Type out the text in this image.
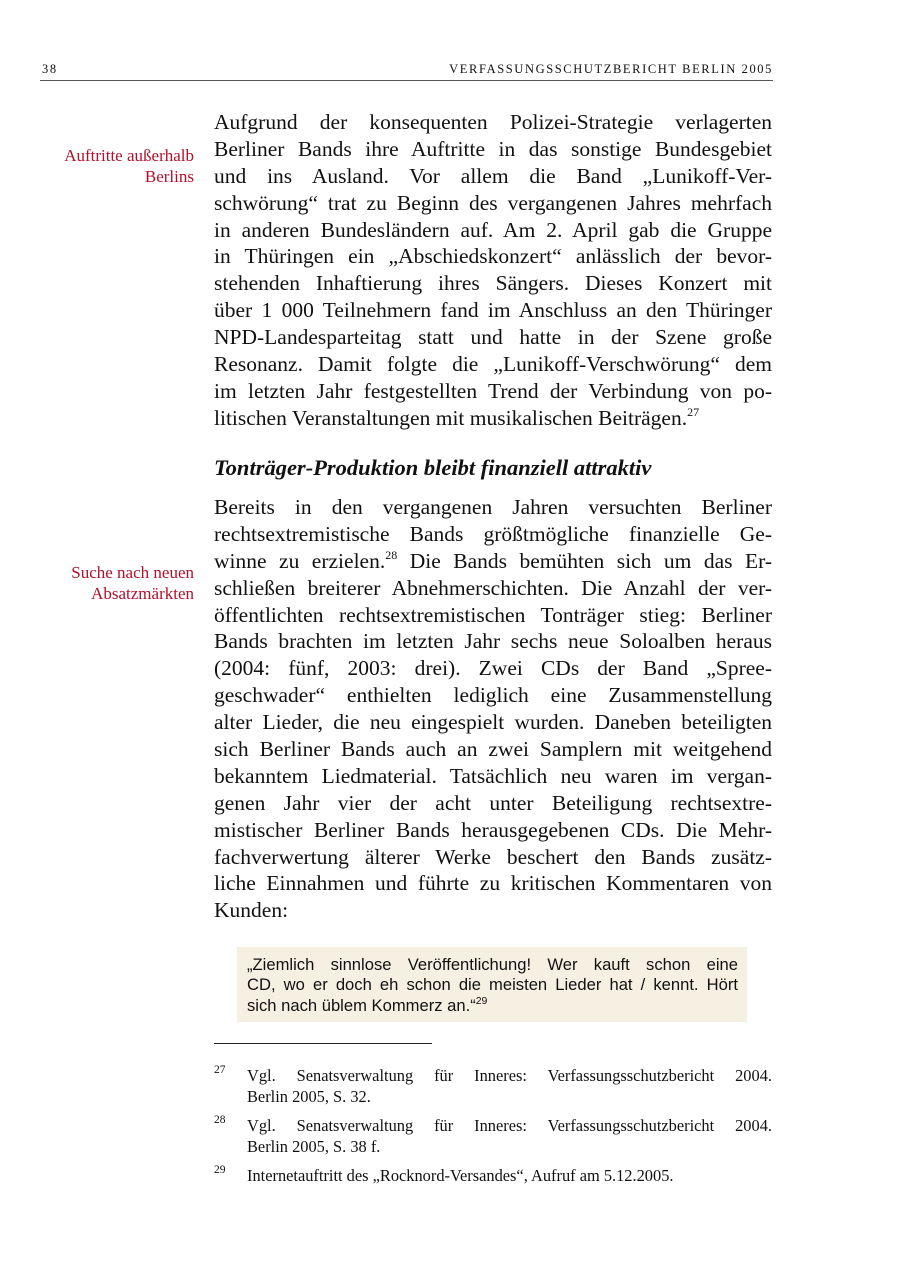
38	VERFASSUNGSSCHUTZBERICHT BERLIN 2005
Auftritte außerhalb
Berlins
Suche nach neuen
Absatzmärkten
Aufgrund der konsequenten Polizei-Strategie verlagerten
Berliner Bands ihre Auftritte in das sonstige Bundesgebiet
und ins Ausland. Vor allem die Band „Lunikoff-Ver-
schwörung“ trat zu Beginn des vergangenen Jahres mehrfach
in anderen Bundesländern auf. Am 2. April gab die Gruppe
in Thüringen ein „Abschiedskonzert“ anlässlich der bevor-
stehenden Inhaftierung ihres Sängers. Dieses Konzert mit
über 1 000 Teilnehmern fand im Anschluss an den Thüringer
NPD-Landesparteitag statt und hatte in der Szene große
Resonanz. Damit folgte die „Lunikoff-Verschwörung“ dem
im letzten Jahr festgestellten Trend der Verbindung von po-
litischen Veranstaltungen mit musikalischen Beiträgen.$^{27}$
Tonträger-Produktion bleibt finanziell attraktiv
Bereits in den vergangenen Jahren versuchten Berliner
rechtsextremistische Bands größtmögliche finanzielle Ge-
winne zu erzielen.$^{28}$ Die Bands bemühten sich um das Er-
schließen breiterer Abnehmerschichten. Die Anzahl der ver-
öffentlichten rechtsextremistischen Tonträger stieg: Berliner
Bands brachten im letzten Jahr sechs neue Soloalben heraus
(2004: fünf, 2003: drei). Zwei CDs der Band „Spree-
geschwader“ enthielten lediglich eine Zusammenstellung
alter Lieder, die neu eingespielt wurden. Daneben beteiligten
sich Berliner Bands auch an zwei Samplern mit weitgehend
bekanntem Liedmaterial. Tatsächlich neu waren im vergan-
genen Jahr vier der acht unter Beteiligung rechtsextre-
mistischer Berliner Bands herausgegebenen CDs. Die Mehr-
fachverwertung älterer Werke beschert den Bands zusätz-
liche Einnahmen und führte zu kritischen Kommentaren von
Kunden:
„Ziemlich sinnlose Veröffentlichung! Wer kauft schon eine
CD, wo er doch eh schon die meisten Lieder hat / kennt. Hört
sich nach üblem Kommerz an.“$^{29}$
27 Vgl. Senatsverwaltung für Inneres: Verfassungsschutzbericht 2004.
Berlin 2005, S. 32.
28 Vgl. Senatsverwaltung für Inneres: Verfassungsschutzbericht 2004.
Berlin 2005, S. 38 f.
29 Internetauftritt des „Rocknord-Versandes“, Aufruf am 5.12.2005.
